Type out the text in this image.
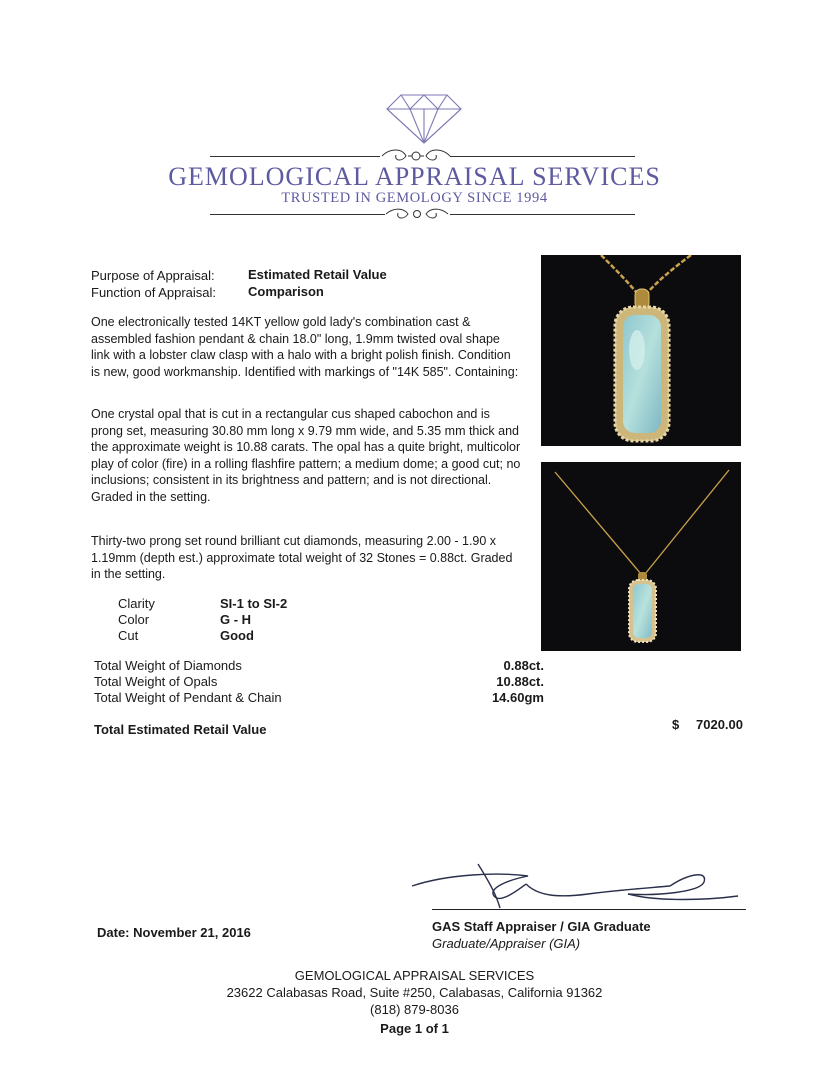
GEMOLOGICAL APPRAISAL SERVICES
TRUSTED IN GEMOLOGY SINCE 1994
Purpose of Appraisal:	Estimated Retail Value
Function of Appraisal: Comparison
One electronically tested 14KT yellow gold lady's combination cast & assembled fashion pendant & chain 18.0" long, 1.9mm twisted oval shape link with a lobster claw clasp with a halo with a bright polish finish. Condition is new, good workmanship. Identified with markings of "14K 585". Containing:
One crystal opal that is cut in a rectangular cus shaped cabochon and is prong set, measuring 30.80 mm long x 9.79 mm wide, and 5.35 mm thick and the approximate weight is 10.88 carats. The opal has a quite bright, multicolor play of color (fire) in a rolling flashfire pattern; a medium dome; a good cut; no inclusions; consistent in its brightness and pattern; and is not directional. Graded in the setting.
Thirty-two prong set round brilliant cut diamonds, measuring 2.00 - 1.90 x 1.19mm (depth est.) approximate total weight of 32 Stones = 0.88ct. Graded in the setting.
Clarity	SI-1 to SI-2
Color	G - H
Cut	Good
Total Weight of Diamonds	0.88ct.
Total Weight of Opals	10.88ct.
Total Weight of Pendant & Chain	14.60gm
Total Estimated Retail Value	$ 7020.00
Date: November 21, 2016	GAS Staff Appraiser / GIA Graduate
Graduate/Appraiser (GIA)
GEMOLOGICAL APPRAISAL SERVICES
23622 Calabasas Road, Suite #250, Calabasas, California 91362
(818) 879-8036
Page 1 of 1
